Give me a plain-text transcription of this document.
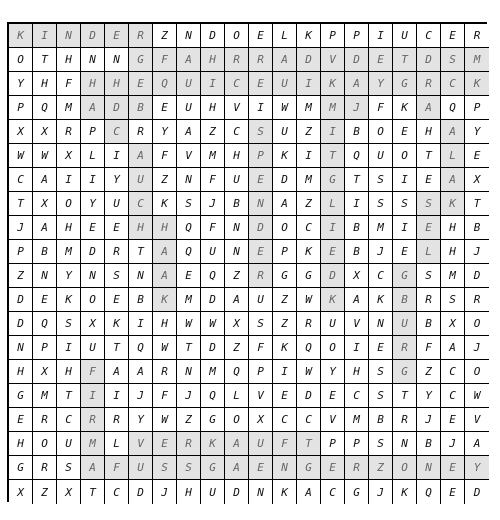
K	I	N	D	E	R	Z	N	D	O	E	L	K	P	P	I	U	C	E	R
O	T	H	N	N	G	F	A	H	R	R	A	D	V	D	E	T	D	S	M
Y	H	F	H	H	E	Q	U	I	C	E	U	I	K	A	Y	G	R	C	K
P	Q	M	A	D	B	E	U	H	V	I	W	M	M	J	F	K	A	Q	P
X	X	R	P	C	R	Y	A	Z	C	S	U	Z	I	B	O	E	H	A	Y
W	W	X	L	I	A	F	V	M	H	P	K	I	T	Q	U	O	T	L	E
C	A	I	I	Y	U	Z	N	F	U	E	D	M	G	T	S	I	E	A	X
T	X	O	Y	U	C	K	S	J	B	N	A	Z	L	I	S	S	S	K	T
J	A	H	E	E	H	H	Q	F	N	D	O	C	I	B	M	I	E	H	B
P	B	M	D	R	T	A	Q	U	N	E	P	K	E	B	J	E	L	H	J
Z	N	Y	N	S	N	A	E	Q	Z	R	G	G	D	X	C	G	S	M	D
D	E	K	O	E	B	K	M	D	A	U	Z	W	K	A	K	B	R	S	R
D	Q	S	X	K	I	H	W	W	X	S	Z	R	U	V	N	U	B	X	O
N	P	I	U	T	Q	W	T	D	Z	F	K	Q	O	I	E	R	F	A	J
H	X	H	F	A	A	R	N	M	Q	P	I	W	Y	H	S	G	Z	C	O
G	M	T	I	I	J	F	J	Q	L	V	E	D	E	C	S	T	Y	C	W
E	R	C	R	R	Y	W	Z	G	O	X	C	C	V	M	B	R	J	E	V
H	O	U	M	L	V	E	R	K	A	U	F	T	P	P	S	N	B	J	A
G	R	S	A	F	U	S	S	G	A	E	N	G	E	R	Z	O	N	E	Y
X	Z	X	T	C	D	J	H	U	D	N	K	A	C	G	J	K	Q	E	D
